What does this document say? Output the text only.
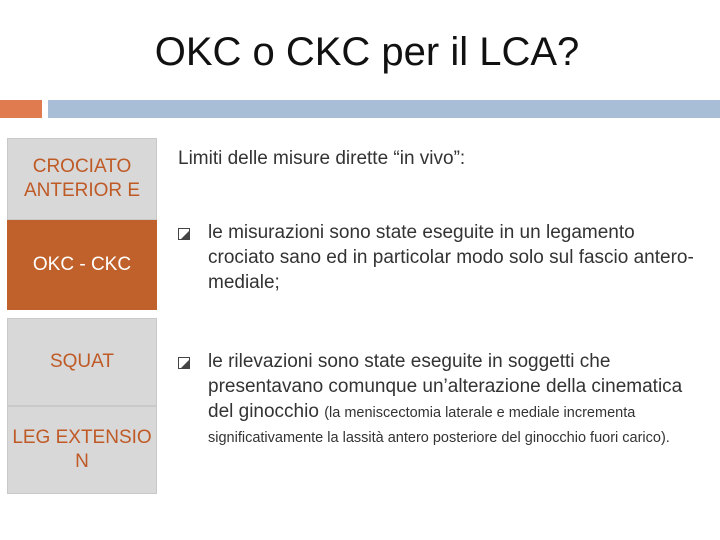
OKC o CKC per il LCA?
CROCIATO ANTERIOR E
OKC - CKC
SQUAT
LEG EXTENSIO N
Limiti delle misure dirette “in vivo”:
le misurazioni sono state eseguite in un legamento crociato sano ed in particolar modo solo sul fascio antero-mediale;
le rilevazioni sono state eseguite in soggetti che presentavano comunque un’alterazione della cinematica del ginocchio (la meniscectomia laterale e mediale incrementa significativamente la lassità antero posteriore del ginocchio fuori carico).
